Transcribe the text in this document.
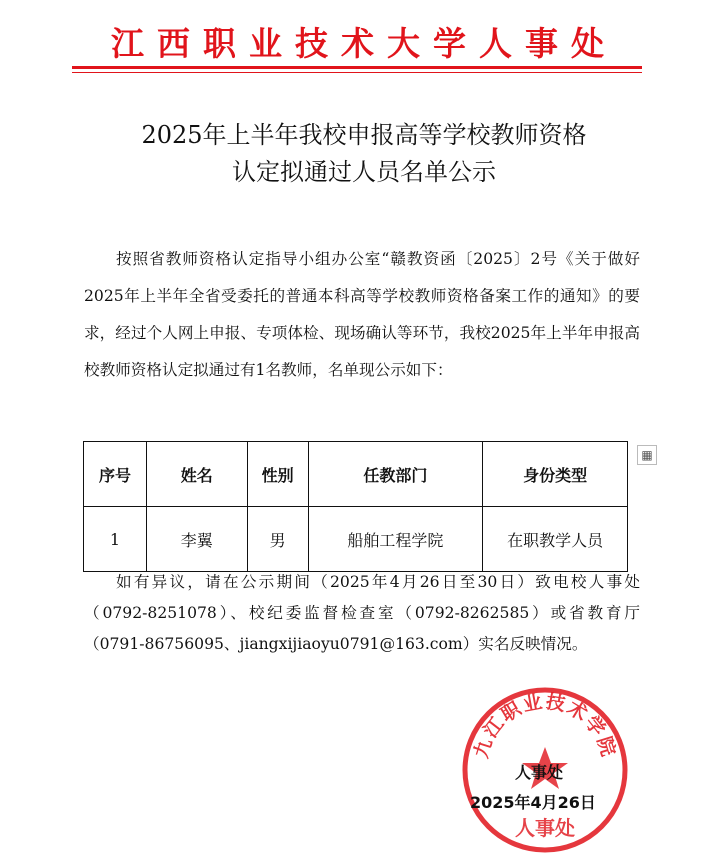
江西职业技术大学人事处
2025年上半年我校申报高等学校教师资格
认定拟通过人员名单公示
按照省教师资格认定指导小组办公室“赣教资函〔2025〕2号《关于做好2025年上半年全省受委托的普通本科高等学校教师资格备案工作的通知》的要求，经过个人网上申报、专项体检、现场确认等环节，我校2025年上半年申报高校教师资格认定拟通过有1名教师，名单现公示如下：
序号	姓名	性别	任教部门	身份类型
1	李翼	男	船舶工程学院	在职教学人员
▦
如有异议，请在公示期间（2025年4月26日至30日）致电校人事处 （0792-8251078）、校纪委监督检查室（0792-8262585）或省教育厅（0791-86756095、jiangxijiaoyu0791@163.com）实名反映情况。
九江职业技术学院
人事处
人事处
2025年4月26日
